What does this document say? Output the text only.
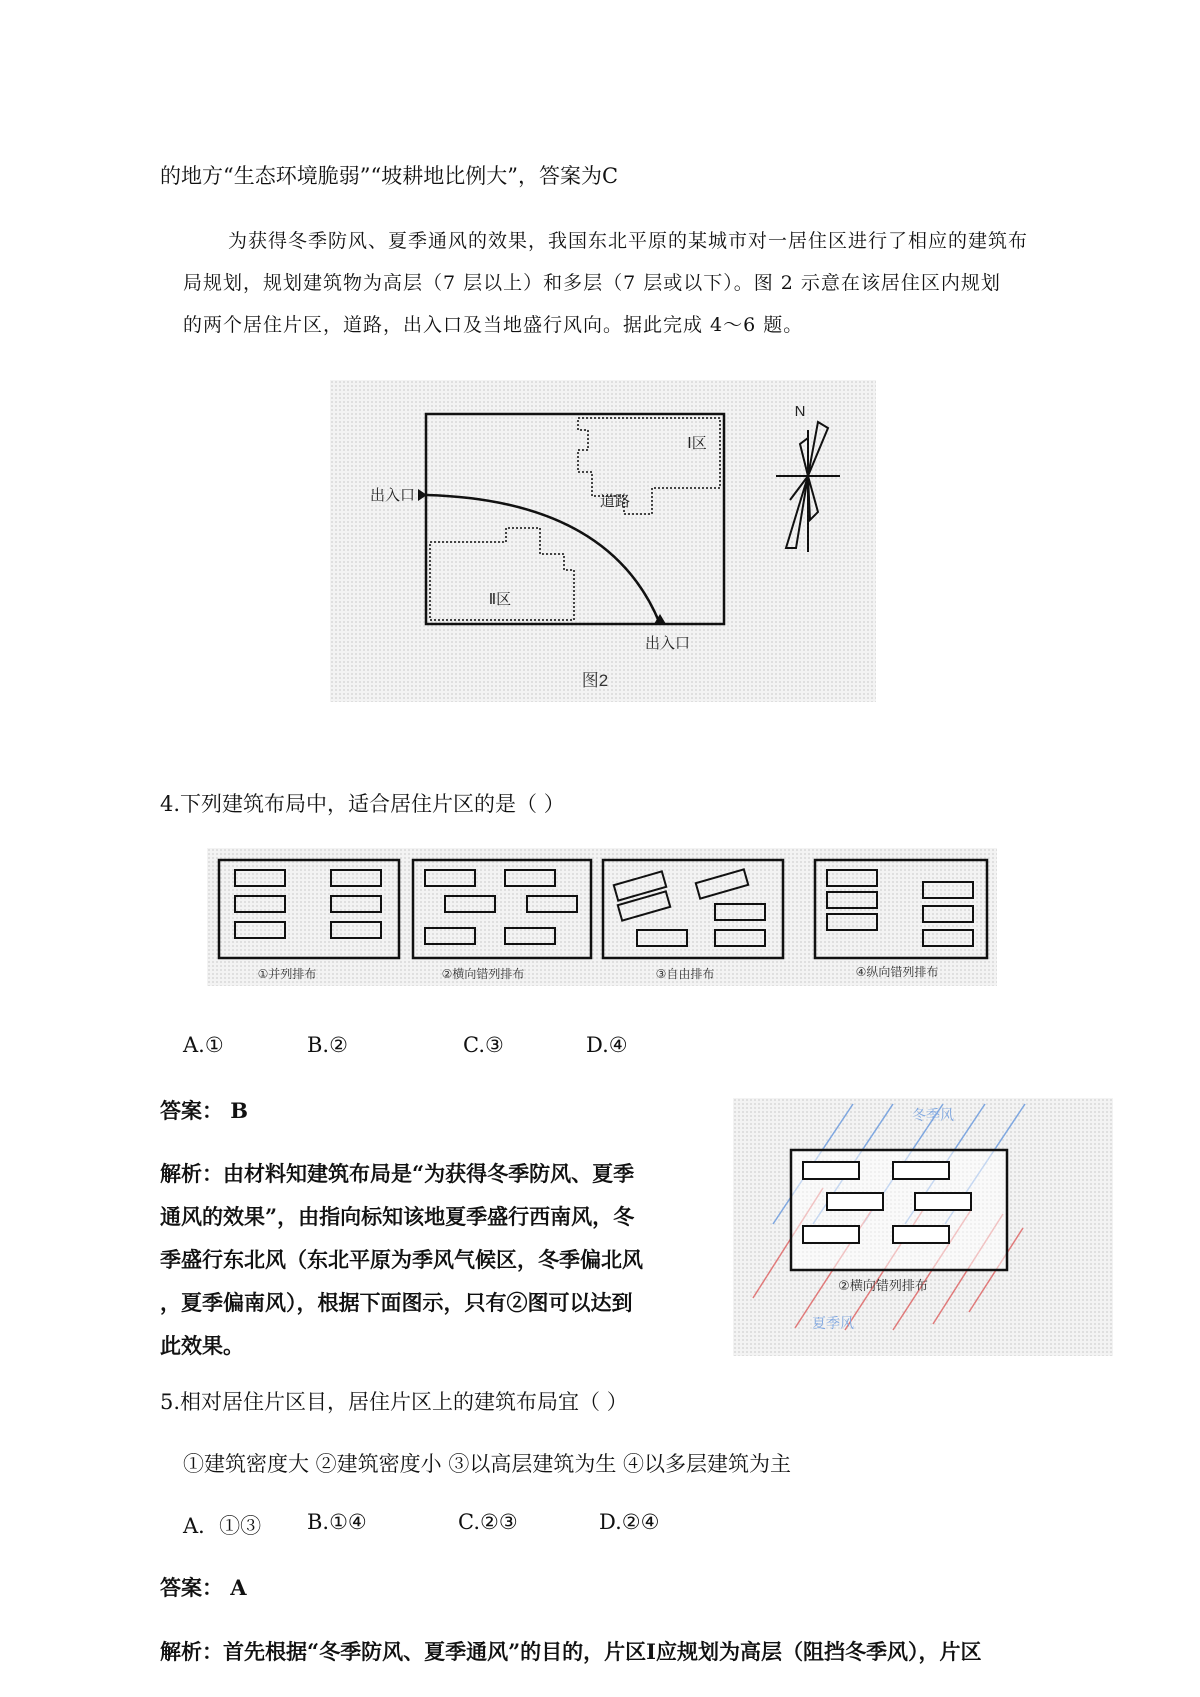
的地方“生态环境脆弱”“坡耕地比例大”，答案为C
为获得冬季防风、夏季通风的效果，我国东北平原的某城市对一居住区进行了相应的建筑布
局规划，规划建筑物为高层（7 层以上）和多层（7 层或以下）。图 2 示意在该居住区内规划
的两个居住片区，道路，出入口及当地盛行风向。据此完成 4～6 题。
Ⅰ区
Ⅱ区
道路
出入口
出入口
N
图2
4.下列建筑布局中，适合居住片区的是（ ）
①并列排布	②横向错列排布	③自由排布	④纵向错列排布
A.①	B.②	C.③	D.④
答案： B
解析：由材料知建筑布局是“为获得冬季防风、夏季
通风的效果”，由指向标知该地夏季盛行西南风，冬
季盛行东北风（东北平原为季风气候区，冬季偏北风
，夏季偏南风），根据下面图示，只有②图可以达到
此效果。
冬季风
②横向错列排布
夏季风
5.相对居住片区目，居住片区上的建筑布局宜（ ）
①建筑密度大 ②建筑密度小 ③以高层建筑为生 ④以多层建筑为主
A．①③ B.①④	C.②③	D.②④
答案： A
解析：首先根据“冬季防风、夏季通风”的目的，片区Ⅰ应规划为高层（阻挡冬季风），片区
